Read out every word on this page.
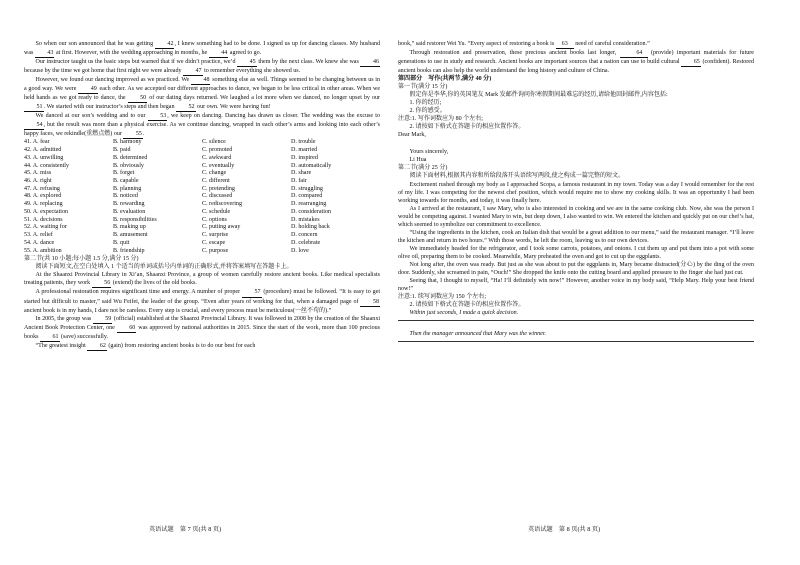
So when our son announced that he was getting 42, I knew something had to be done. I signed us up for dancing classes. My husband was 43 at first. However, with the wedding approaching in months, he 44 agreed to go.

Our instructor taught us the basic steps but warned that if we didn’t practice, we’d 45 them by the next class. We knew she was 46 because by the time we got home that first night we were already 47 to remember everything she showed us.

However, we found our dancing improved as we practiced. We 48 something else as well. Things seemed to be changing between us in a good way. We were 49 each other. As we accepted our different approaches to dance, we began to be less critical in other areas. When we held hands as we got ready to dance, the 50 of our dating days returned. We laughed a lot more when we danced, no longer upset by our 51. We started with our instructor’s steps and then began 52 our own. We were having fun!

We danced at our son’s wedding and to our 53, we keep on dancing. Dancing has drawn us closer. The wedding was the excuse to 54, but the result was more than a physical exercise. As we continue dancing, wrapped in each other’s arms and looking into each other’s happy faces, we rekindle(重燃点燃) our 55.

41. A. fear	B. harmony	C. silence	D. trouble
42. A. admitted	B. paid	C. promoted	D. married
43. A. unwilling	B. determined	C. awkward	D. inspired
44. A. consistently	B. obviously	C. eventually	D. automatically
45. A. miss	B. forget	C. change	D. share
46. A. right	B. capable	C. different	D. fair
47. A. refusing	B. planning	C. pretending	D. struggling
48. A. explored	B. noticed	C. discussed	D. compared
49. A. replacing	B. rewarding	C. rediscovering	D. rearranging
50. A. expectation	B. evaluation	C. schedule	D. consideration
51. A. decisions	B. responsibilities	C. options	D. mistakes
52. A. waiting for	B. making up	C. putting away	D. holding back
53. A. relief	B. amusement	C. surprise	D. concern
54. A. dance	B. quit	C. escape	D. celebrate
55. A. ambition	B. friendship	C. purpose	D. love

第二节(共 10 小题;每小题 1.5 分,满分 15 分)

阅读下面短文,在空白处填入 1 个适当的单词或括号内单词的正确形式,并将答案填写在答题卡上。

At the Shaanxi Provincial Library in Xi’an, Shaanxi Province, a group of women carefully restore ancient books. Like medical specialists treating patients, they work 56 (extend) the lives of the old books.

A professional restoration requires significant time and energy. A number of proper 57 (procedure) must be followed. “It is easy to get started but difficult to master,” said Wu Feifei, the leader of the group. “Even after years of working for that, when a damaged page of 58 ancient book is in my hands, I dare not be careless. Every step is crucial, and every process must be meticulous(一丝不苟的).”

In 2005, the group was 59 (official) established at the Shaanxi Provincial Library. It was followed in 2008 by the creation of the Shaanxi Ancient Book Protection Center, one 60 was approved by national authorities in 2015. Since the start of the work, more than 100 precious books 61 (save) successfully.

“The greatest insight 62 (gain) from restoring ancient books is to do our best for each

book,” said restorer Wei Yu. “Every aspect of restoring a book is 63 need of careful consideration.”

Through restoration and preservation, these precious ancient books last longer,	64 (provide) important materials for future generations to use in study and research. Ancient books are important sources that a nation can use to build cultural 65 (confident). Restored ancient books can also help the world understand the long history and culture of China.

第四部分　写作(共两节,满分 40 分)

第一节(满分 15 分)

假定你是李华,你的英国笔友 Mark 发邮件询问你寒假期间最难忘的经历,请给他回封邮件,内容包括:

1. 你的经历;

2. 你的感受。

注意:1. 写作词数应为 80 个左右;

2. 请按如下格式在答题卡的相应位置作答。

Dear Mark,

Yours sincerely,

Li Hua

第二节(满分 25 分)

阅读下面材料,根据其内容和所给段落开头语续写两段,使之构成一篇完整的短文。

Excitement rushed through my body as I approached Scopa, a famous restaurant in my town. Today was a day I would remember for the rest of my life. I was competing for the newest chef position, which would require me to show my cooking skills. It was an opportunity I had been working towards for months, and today, it was finally here.

As I arrived at the restaurant, I saw Mary, who is also interested in cooking and we are in the same cooking club. Now, she was the person I would be competing against. I wanted Mary to win, but deep down, I also wanted to win. We entered the kitchen and quickly put on our chef’s hat, which seemed to symbolize our commitment to excellence.

“Using the ingredients in the kitchen, cook an Italian dish that would be a great addition to our menu,” said the restaurant manager. “I’ll leave the kitchen and return in two hours.” With those words, he left the room, leaving us to our own devices.

We immediately headed for the refrigerator, and I took some carrots, potatoes, and onions. I cut them up and put them into a pot with some olive oil, preparing them to be cooked. Meanwhile, Mary preheated the oven and got to cut up the eggplants.

Not long after, the oven was ready. But just as she was about to put the eggplants in, Mary became distracted(分心) by the ding of the oven door. Suddenly, she screamed in pain, “Ouch!” She dropped the knife onto the cutting board and applied pressure to the finger she had just cut.

Seeing that, I thought to myself, “Ha! I’ll definitely win now!” However, another voice in my body said, “Help Mary. Help your best friend now!”

注意:1. 续写词数应为 150 个左右;

2. 请按如下格式在答题卡的相应位置作答。

Within just seconds, I made a quick decision.

Then the manager announced that Mary was the winner.

英语试题　第 7 页(共 8 页)	英语试题　第 8 页(共 8 页)
